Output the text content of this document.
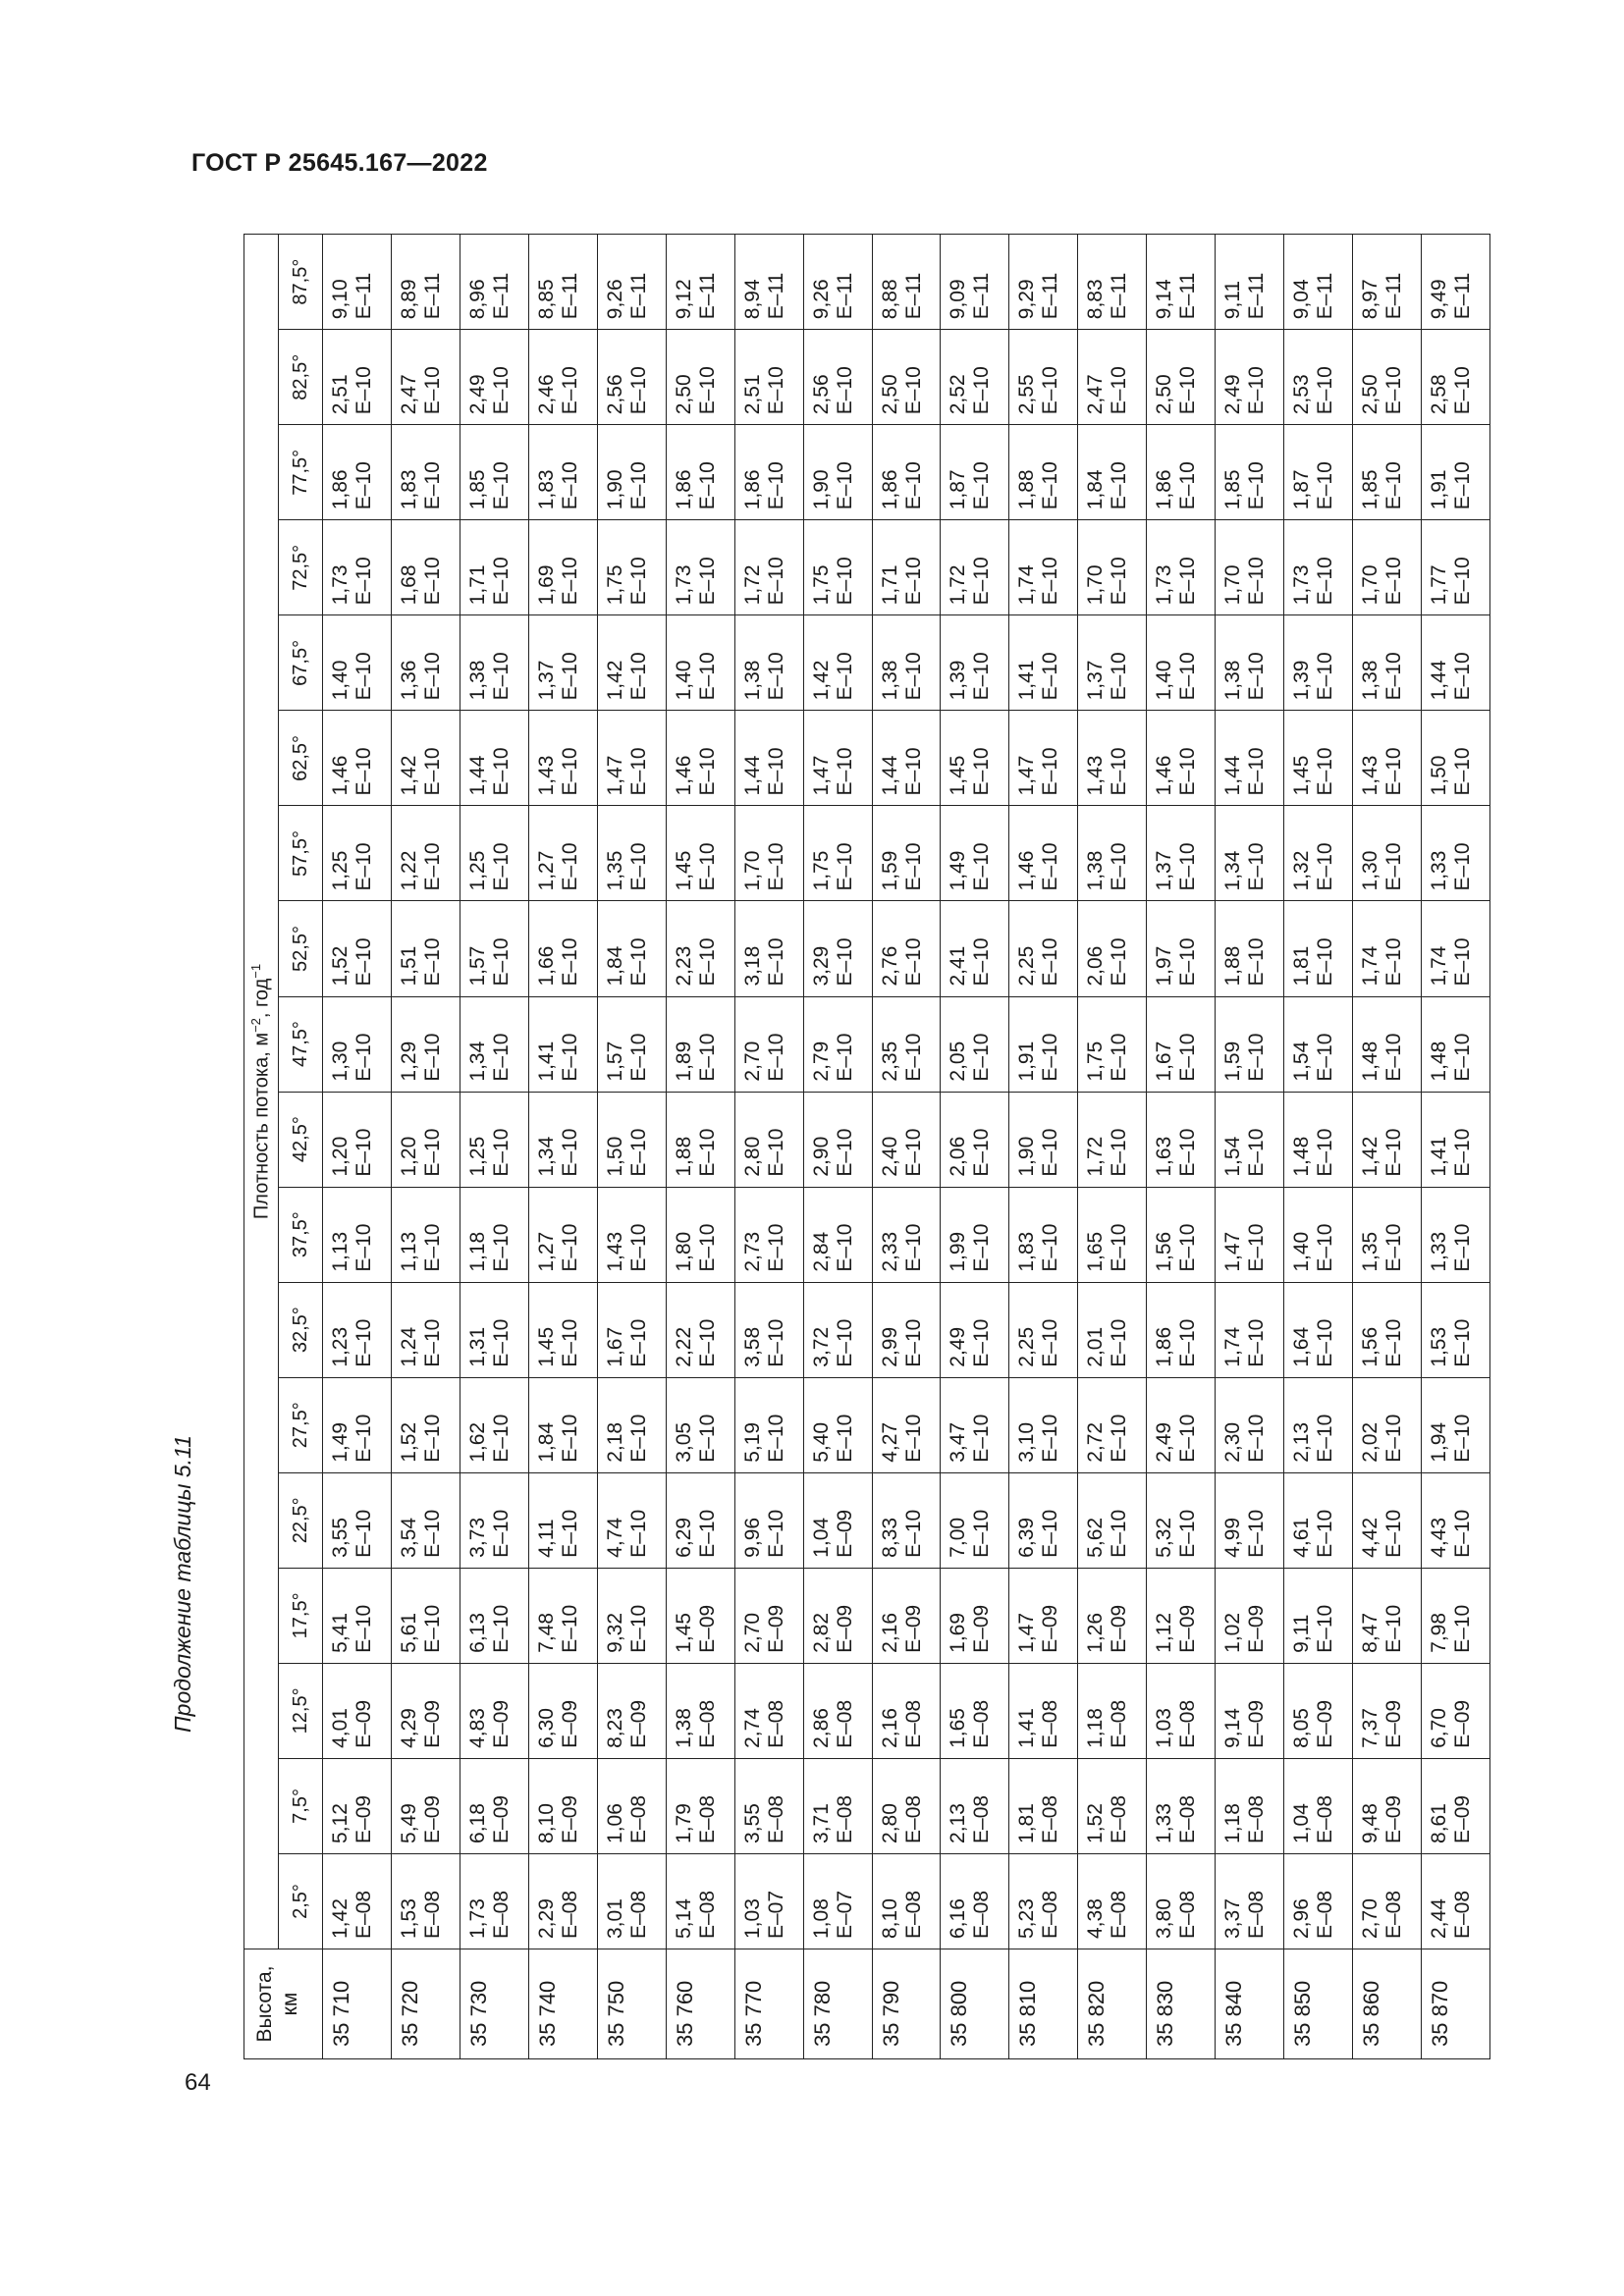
ГОСТ Р 25645.167—2022
Продолжение таблицы 5.11
Высота, км	Плотность потока, $м^{-2}$, год$^{-1}$
	2,5°	7,5°	12,5°	17,5°	22,5°	27,5°	32,5°	37,5°	42,5°	47,5°	52,5°	57,5°	62,5°	67,5°	72,5°	77,5°	82,5°	87,5°
35 710	1,42 E–08	5,12 E–09	4,01 E–09	5,41 E–10	3,55 E–10	1,49 E–10	1,23 E–10	1,13 E–10	1,20 E–10	1,30 E–10	1,52 E–10	1,25 E–10	1,46 E–10	1,40 E–10	1,73 E–10	1,86 E–10	2,51 E–10	9,10 E–11

35 720	1,53 E–08	5,49 E–09	4,29 E–09	5,61 E–10	3,54 E–10	1,52 E–10	1,24 E–10	1,13 E–10	1,20 E–10	1,29 E–10	1,51 E–10	1,22 E–10	1,42 E–10	1,36 E–10	1,68 E–10	1,83 E–10	2,47 E–10	8,89 E–11

35 730	1,73 E–08	6,18 E–09	4,83 E–09	6,13 E–10	3,73 E–10	1,62 E–10	1,31 E–10	1,18 E–10	1,25 E–10	1,34 E–10	1,57 E–10	1,25 E–10	1,44 E–10	1,38 E–10	1,71 E–10	1,85 E–10	2,49 E–10	8,96 E–11

35 740	2,29 E–08	8,10 E–09	6,30 E–09	7,48 E–10	4,11 E–10	1,84 E–10	1,45 E–10	1,27 E–10	1,34 E–10	1,41 E–10	1,66 E–10	1,27 E–10	1,43 E–10	1,37 E–10	1,69 E–10	1,83 E–10	2,46 E–10	8,85 E–11

35 750	3,01 E–08	1,06 E–08	8,23 E–09	9,32 E–10	4,74 E–10	2,18 E–10	1,67 E–10	1,43 E–10	1,50 E–10	1,57 E–10	1,84 E–10	1,35 E–10	1,47 E–10	1,42 E–10	1,75 E–10	1,90 E–10	2,56 E–10	9,26 E–11

35 760	5,14 E–08	1,79 E–08	1,38 E–08	1,45 E–09	6,29 E–10	3,05 E–10	2,22 E–10	1,80 E–10	1,88 E–10	1,89 E–10	2,23 E–10	1,45 E–10	1,46 E–10	1,40 E–10	1,73 E–10	1,86 E–10	2,50 E–10	9,12 E–11

35 770	1,03 E–07	3,55 E–08	2,74 E–08	2,70 E–09	9,96 E–10	5,19 E–10	3,58 E–10	2,73 E–10	2,80 E–10	2,70 E–10	3,18 E–10	1,70 E–10	1,44 E–10	1,38 E–10	1,72 E–10	1,86 E–10	2,51 E–10	8,94 E–11

35 780	1,08 E–07	3,71 E–08	2,86 E–08	2,82 E–09	1,04 E–09	5,40 E–10	3,72 E–10	2,84 E–10	2,90 E–10	2,79 E–10	3,29 E–10	1,75 E–10	1,47 E–10	1,42 E–10	1,75 E–10	1,90 E–10	2,56 E–10	9,26 E–11

35 790	8,10 E–08	2,80 E–08	2,16 E–08	2,16 E–09	8,33 E–10	4,27 E–10	2,99 E–10	2,33 E–10	2,40 E–10	2,35 E–10	2,76 E–10	1,59 E–10	1,44 E–10	1,38 E–10	1,71 E–10	1,86 E–10	2,50 E–10	8,88 E–11

35 800	6,16 E–08	2,13 E–08	1,65 E–08	1,69 E–09	7,00 E–10	3,47 E–10	2,49 E–10	1,99 E–10	2,06 E–10	2,05 E–10	2,41 E–10	1,49 E–10	1,45 E–10	1,39 E–10	1,72 E–10	1,87 E–10	2,52 E–10	9,09 E–11

35 810	5,23 E–08	1,81 E–08	1,41 E–08	1,47 E–09	6,39 E–10	3,10 E–10	2,25 E–10	1,83 E–10	1,90 E–10	1,91 E–10	2,25 E–10	1,46 E–10	1,47 E–10	1,41 E–10	1,74 E–10	1,88 E–10	2,55 E–10	9,29 E–11

35 820	4,38 E–08	1,52 E–08	1,18 E–08	1,26 E–09	5,62 E–10	2,72 E–10	2,01 E–10	1,65 E–10	1,72 E–10	1,75 E–10	2,06 E–10	1,38 E–10	1,43 E–10	1,37 E–10	1,70 E–10	1,84 E–10	2,47 E–10	8,83 E–11

35 830	3,80 E–08	1,33 E–08	1,03 E–08	1,12 E–09	5,32 E–10	2,49 E–10	1,86 E–10	1,56 E–10	1,63 E–10	1,67 E–10	1,97 E–10	1,37 E–10	1,46 E–10	1,40 E–10	1,73 E–10	1,86 E–10	2,50 E–10	9,14 E–11

35 840	3,37 E–08	1,18 E–08	9,14 E–09	1,02 E–09	4,99 E–10	2,30 E–10	1,74 E–10	1,47 E–10	1,54 E–10	1,59 E–10	1,88 E–10	1,34 E–10	1,44 E–10	1,38 E–10	1,70 E–10	1,85 E–10	2,49 E–10	9,11 E–11

35 850	2,96 E–08	1,04 E–08	8,05 E–09	9,11 E–10	4,61 E–10	2,13 E–10	1,64 E–10	1,40 E–10	1,48 E–10	1,54 E–10	1,81 E–10	1,32 E–10	1,45 E–10	1,39 E–10	1,73 E–10	1,87 E–10	2,53 E–10	9,04 E–11

35 860	2,70 E–08	9,48 E–09	7,37 E–09	8,47 E–10	4,42 E–10	2,02 E–10	1,56 E–10	1,35 E–10	1,42 E–10	1,48 E–10	1,74 E–10	1,30 E–10	1,43 E–10	1,38 E–10	1,70 E–10	1,85 E–10	2,50 E–10	8,97 E–11

35 870	2,44 E–08	8,61 E–09	6,70 E–09	7,98 E–10	4,43 E–10	1,94 E–10	1,53 E–10	1,33 E–10	1,41 E–10	1,48 E–10	1,74 E–10	1,33 E–10	1,50 E–10	1,44 E–10	1,77 E–10	1,91 E–10	2,58 E–10	9,49 E–11
64
